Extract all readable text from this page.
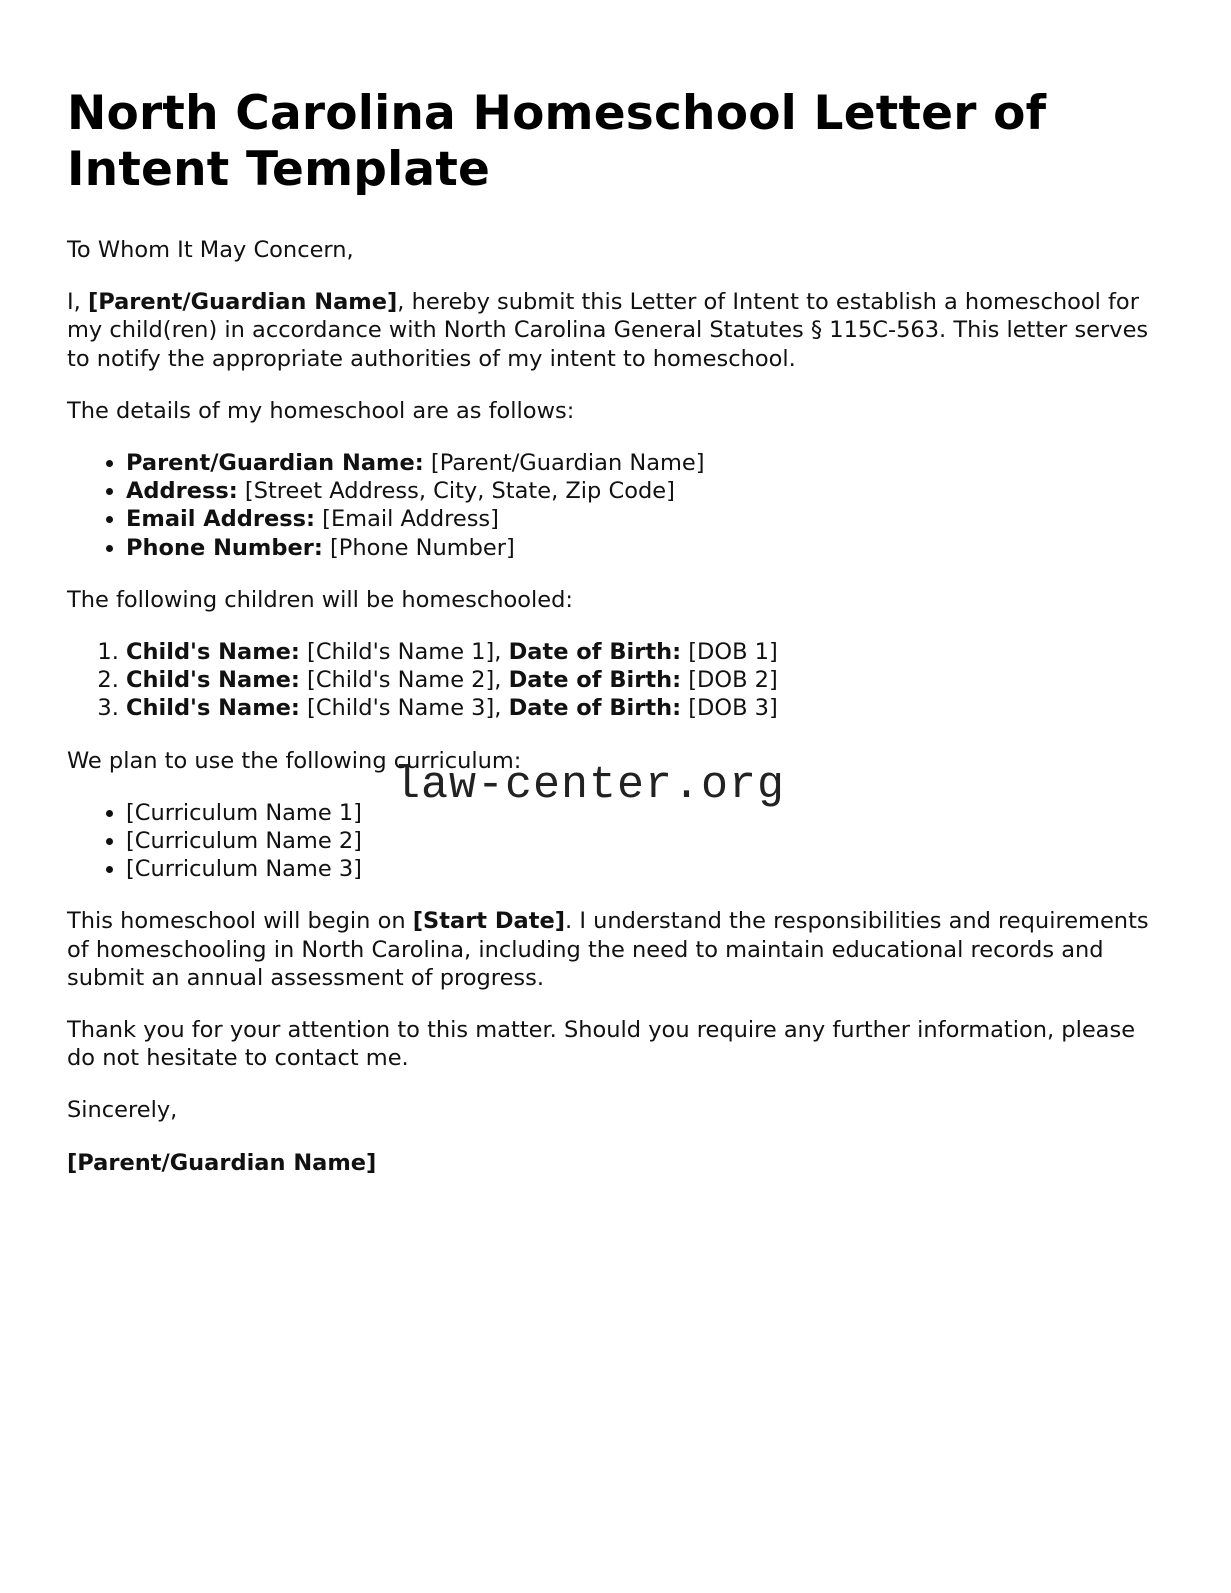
North Carolina Homeschool Letter of Intent Template

To Whom It May Concern,

I, [Parent/Guardian Name], hereby submit this Letter of Intent to establish a homeschool for my child(ren) in accordance with North Carolina General Statutes § 115C-563. This letter serves to notify the appropriate authorities of my intent to homeschool.

The details of my homeschool are as follows:

• Parent/Guardian Name: [Parent/Guardian Name]
• Address: [Street Address, City, State, Zip Code]
• Email Address: [Email Address]
• Phone Number: [Phone Number]

The following children will be homeschooled:

1. Child's Name: [Child's Name 1], Date of Birth: [DOB 1]
2. Child's Name: [Child's Name 2], Date of Birth: [DOB 2]
3. Child's Name: [Child's Name 3], Date of Birth: [DOB 3]

We plan to use the following curriculum:

• [Curriculum Name 1]
• [Curriculum Name 2]
• [Curriculum Name 3]

This homeschool will begin on [Start Date]. I understand the responsibilities and requirements of homeschooling in North Carolina, including the need to maintain educational records and submit an annual assessment of progress.

Thank you for your attention to this matter. Should you require any further information, please do not hesitate to contact me.

Sincerely,

[Parent/Guardian Name]

law-center.org
